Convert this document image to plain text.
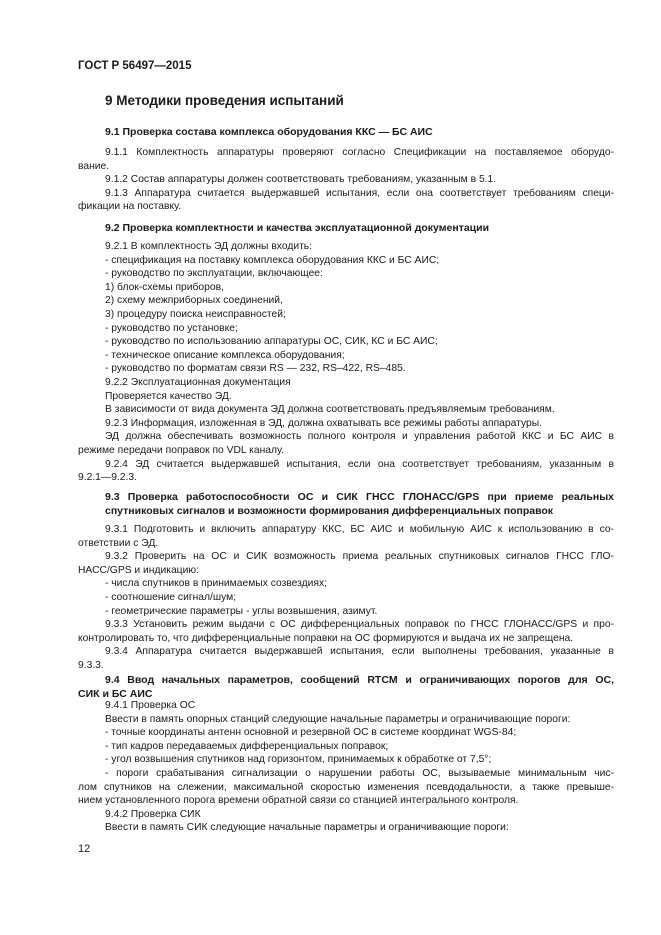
ГОСТ Р 56497—2015
9 Методики проведения испытаний
9.1 Проверка состава комплекса оборудования ККС — БС АИС
9.1.1 Комплектность аппаратуры проверяют согласно Спецификации на поставляемое оборудо-
вание.
9.1.2 Состав аппаратуры должен соответствовать требованиям, указанным в 5.1.
9.1.3 Аппаратура считается выдержавшей испытания, если она соответствует требованиям специ-
фикации на поставку.
9.2 Проверка комплектности и качества эксплуатационной документации
9.2.1 В комплектность ЭД должны входить:
- спецификация на поставку комплекса оборудования ККС и БС АИС;
- руководство по эксплуатации, включающее:
1) блок-схемы приборов,
2) схему межприборных соединений,
3) процедуру поиска неисправностей;
- руководство по установке;
- руководство по использованию аппаратуры ОС, СИК, КС и БС АИС;
- техническое описание комплекса оборудования;
- руководство по форматам связи RS — 232, RS–422, RS–485.
9.2.2 Эксплуатационная документация
Проверяется качество ЭД.
В зависимости от вида документа ЭД должна соответствовать предъявляемым требованиям.
9.2.3 Информация, изложенная в ЭД, должна охватывать все режимы работы аппаратуры.
ЭД должна обеспечивать возможность полного контроля и управления работой ККС и БС АИС в
режиме передачи поправок по VDL каналу.
9.2.4 ЭД считается выдержавшей испытания, если она соответствует требованиям, указанным в
9.2.1—9.2.3.
9.3 Проверка работоспособности ОС и СИК ГНСС ГЛОНАСС/GPS при приеме реальных
спутниковых сигналов и возможности формирования дифференциальных поправок
9.3.1 Подготовить и включить аппаратуру ККС, БС АИС и мобильную АИС к использованию в со-
ответствии с ЭД.
9.3.2 Проверить на ОС и СИК возможность приема реальных спутниковых сигналов ГНСС ГЛО-
НАСС/GPS и индикацию:
- числа спутников в принимаемых созвездиях;
- соотношение сигнал/шум;
- геометрические параметры - углы возвышения, азимут.
9.3.3 Установить режим выдачи с ОС дифференциальных поправок по ГНСС ГЛОНАСС/GPS и про-
контролировать то, что дифференциальные поправки на ОС формируются и выдача их не запрещена.
9.3.4 Аппаратура считается выдержавшей испытания, если выполнены требования, указанные в
9.3.3.
9.4 Ввод начальных параметров, сообщений RTCM и ограничивающих порогов для ОС,
СИК и БС АИС
9.4.1 Проверка ОС
Ввести в память опорных станций следующие начальные параметры и ограничивающие пороги:
- точные координаты антенн основной и резервной ОС в системе координат WGS-84;
- тип кадров передаваемых дифференциальных поправок;
- угол возвышения спутников над горизонтом, принимаемых к обработке от 7,5°;
- пороги срабатывания сигнализации о нарушении работы ОС, вызываемые минимальным чис-
лом спутников на слежении, максимальной скоростью изменения псевдодальности, а также превыше-
нием установленного порога времени обратной связи со станцией интегрального контроля.
9.4.2 Проверка СИК
Ввести в память СИК следующие начальные параметры и ограничивающие пороги:
12
